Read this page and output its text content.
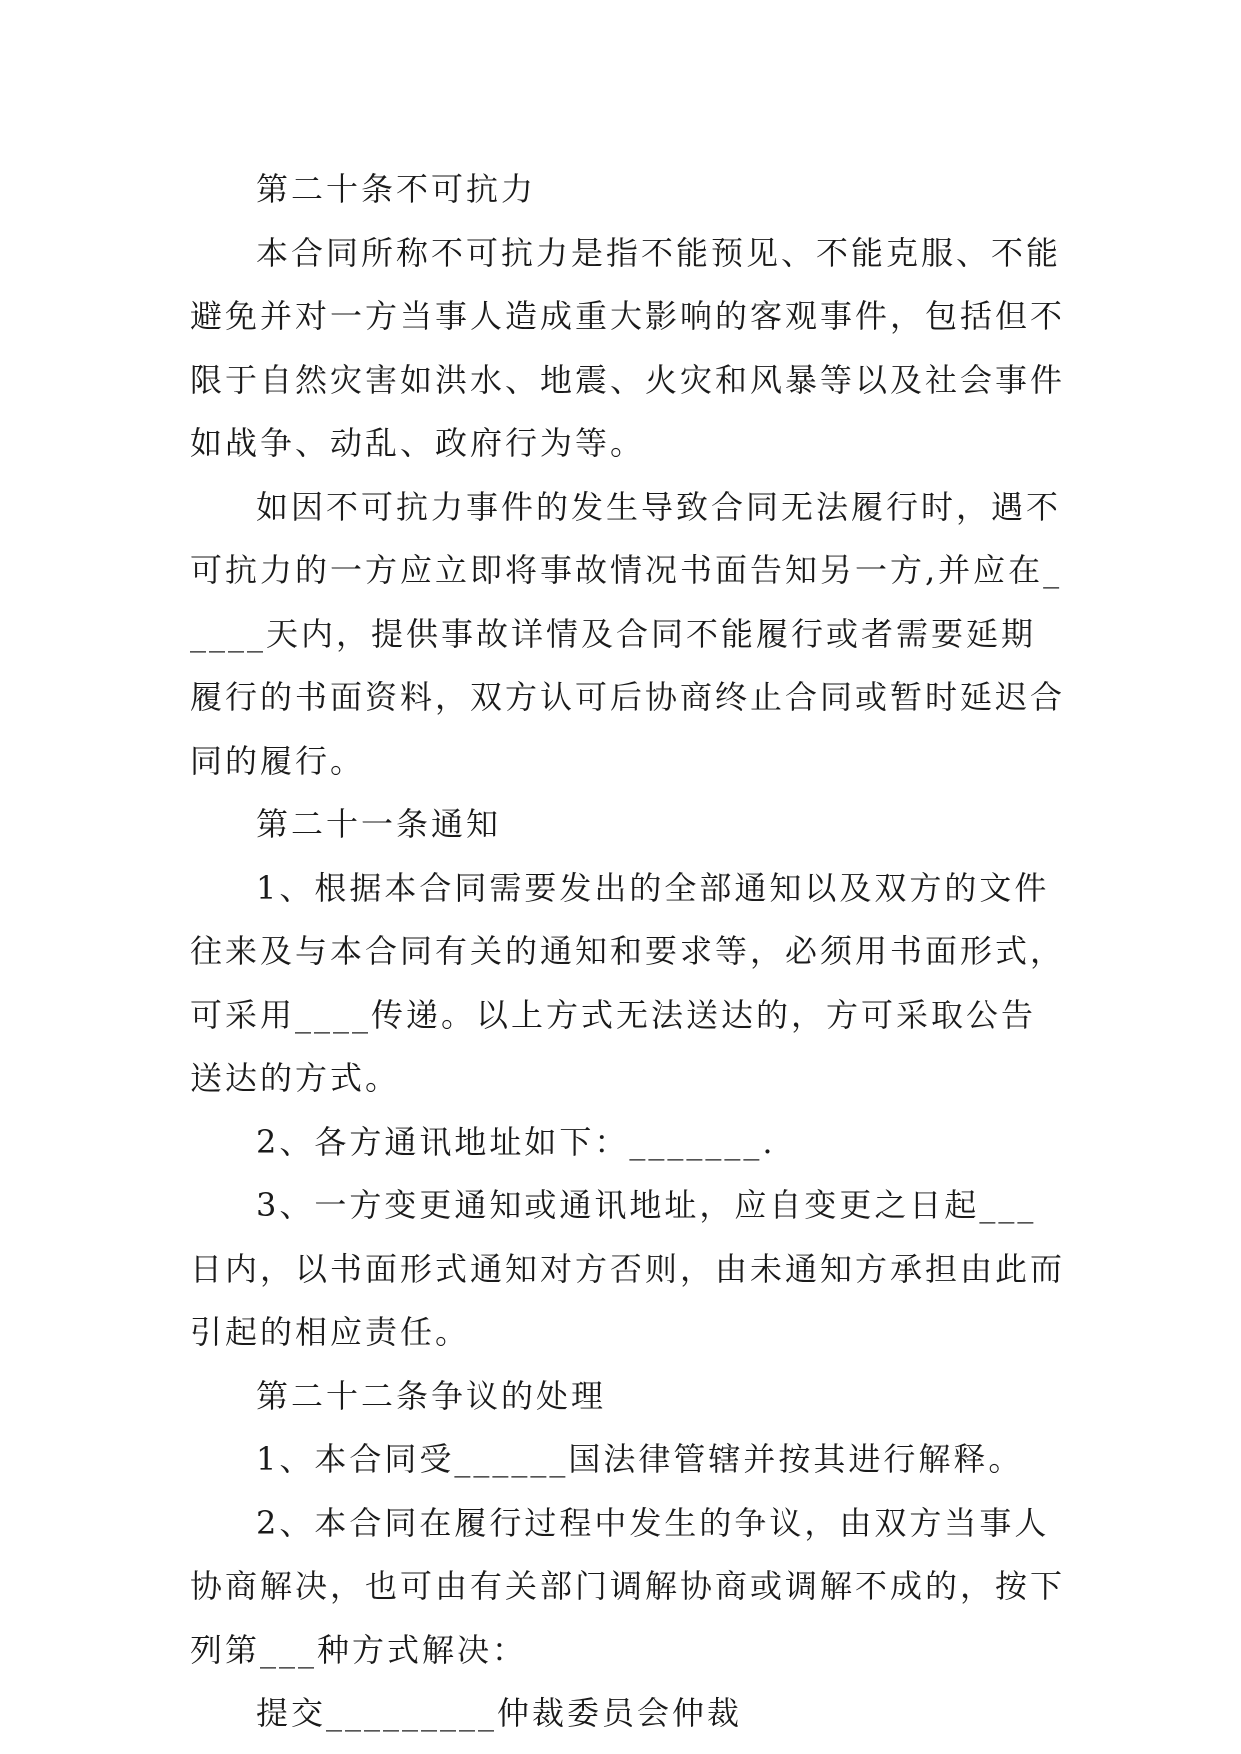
第二十条不可抗力

本合同所称不可抗力是指不能预见、不能克服、不能避免并对一方当事人造成重大影响的客观事件，包括但不限于自然灾害如洪水、地震、火灾和风暴等以及社会事件如战争、动乱、政府行为等。

如因不可抗力事件的发生导致合同无法履行时，遇不可抗力的一方应立即将事故情况书面告知另一方,并应在_____天内，提供事故详情及合同不能履行或者需要延期履行的书面资料，双方认可后协商终止合同或暂时延迟合同的履行。

第二十一条通知

1、根据本合同需要发出的全部通知以及双方的文件往来及与本合同有关的通知和要求等，必须用书面形式，可采用____传递。以上方式无法送达的，方可采取公告送达的方式。

2、各方通讯地址如下：_______.

3、一方变更通知或通讯地址，应自变更之日起___日内，以书面形式通知对方否则，由未通知方承担由此而引起的相应责任。

第二十二条争议的处理

1、本合同受______国法律管辖并按其进行解释。

2、本合同在履行过程中发生的争议，由双方当事人协商解决，也可由有关部门调解协商或调解不成的，按下列第___种方式解决：

提交_________仲裁委员会仲裁
